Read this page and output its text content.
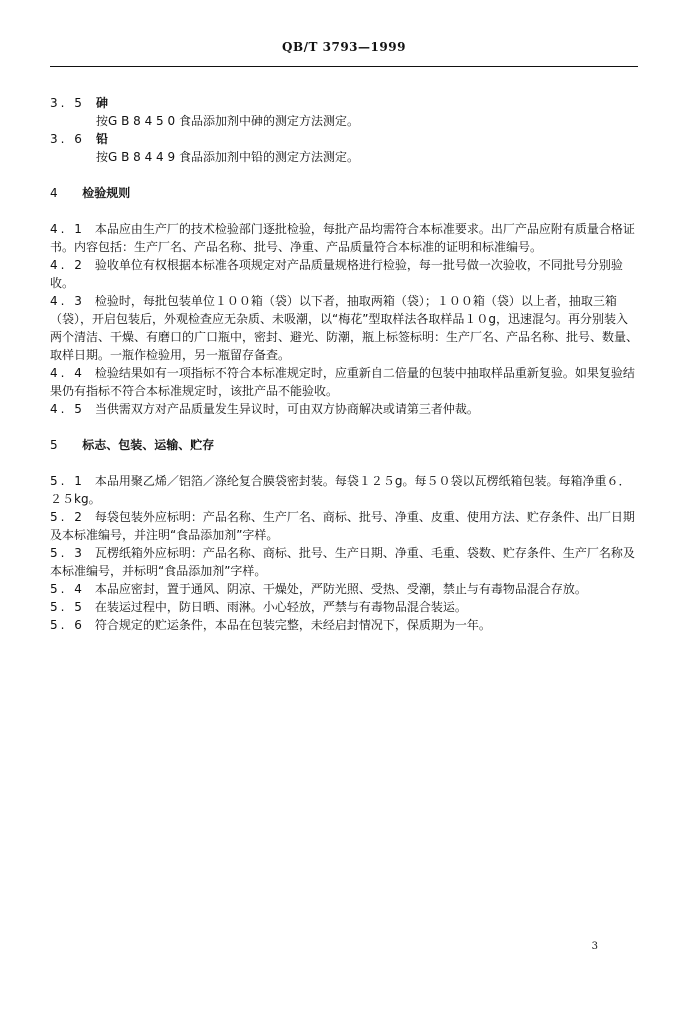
QB/T 3793—1999
3. 5 砷
按G B 8 4 5 0 食品添加剂中砷的测定方法测定。
3. 6 铅
按G B 8 4 4 9 食品添加剂中铅的测定方法测定。
4 检验规则
4. 1 本品应由生产厂的技术检验部门逐批检验，每批产品均需符合本标准要求。出厂产品应附有质量合格证书。内容包括：生产厂名、产品名称、批号、净重、产品质量符合本标准的证明和标准编号。
4. 2 验收单位有权根据本标准各项规定对产品质量规格进行检验，每一批号做一次验收，不同批号分别验收。
4. 3 检验时，每批包装单位１００箱（袋）以下者，抽取两箱（袋）；１００箱（袋）以上者，抽取三箱（袋），开启包装后，外观检查应无杂质、未吸潮，以“梅花”型取样法各取样品１０g，迅速混匀。再分别装入两个清洁、干燥、有磨口的广口瓶中，密封、避光、防潮，瓶上标签标明：生产厂名、产品名称、批号、数量、取样日期。一瓶作检验用，另一瓶留存备查。
4. 4 检验结果如有一项指标不符合本标准规定时，应重新自二倍量的包装中抽取样品重新复验。如果复验结果仍有指标不符合本标准规定时，该批产品不能验收。
4. 5 当供需双方对产品质量发生异议时，可由双方协商解决或请第三者仲裁。
5 标志、包装、运输、贮存
5. 1 本品用聚乙烯／铝箔／涤纶复合膜袋密封装。每袋１２５g。每５０袋以瓦楞纸箱包装。每箱净重６．２５kg。
5. 2 每袋包装外应标明：产品名称、生产厂名、商标、批号、净重、皮重、使用方法、贮存条件、出厂日期及本标准编号，并注明“食品添加剂”字样。
5. 3 瓦楞纸箱外应标明：产品名称、商标、批号、生产日期、净重、毛重、袋数、贮存条件、生产厂名称及本标准编号，并标明“食品添加剂”字样。
5. 4 本品应密封，置于通风、阴凉、干燥处，严防光照、受热、受潮，禁止与有毒物品混合存放。
5. 5 在装运过程中，防日晒、雨淋。小心轻放，严禁与有毒物品混合装运。
5. 6 符合规定的贮运条件，本品在包装完整，未经启封情况下，保质期为一年。
3
